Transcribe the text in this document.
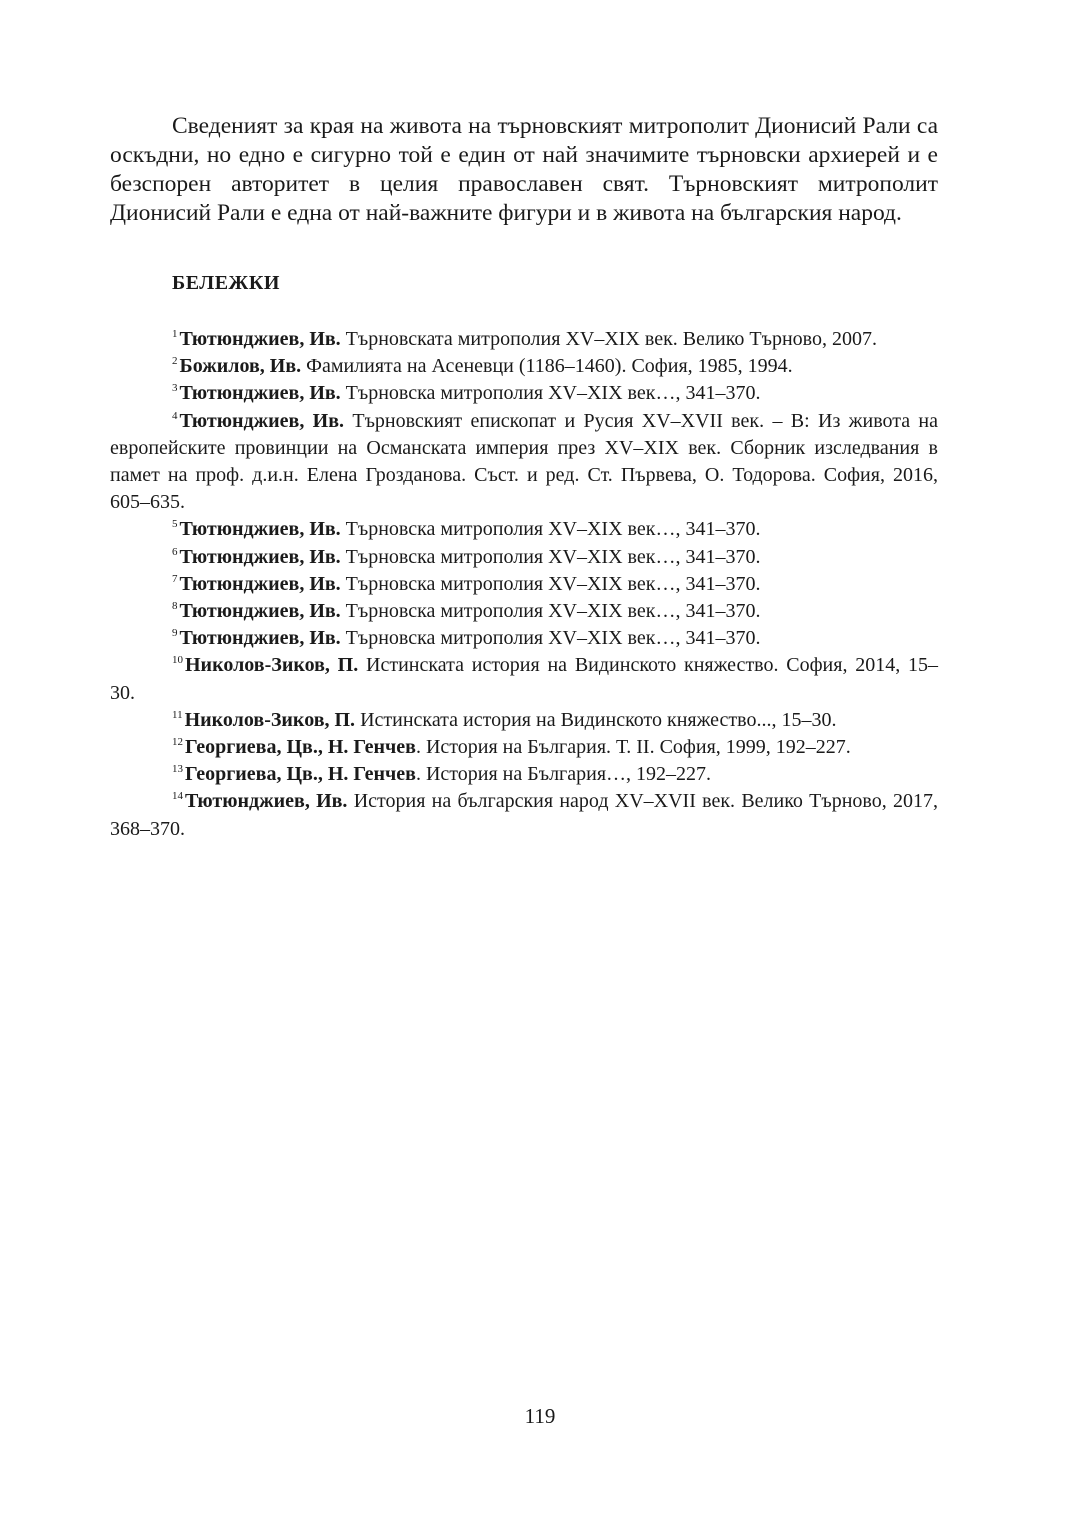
Сведеният за края на живота на търновският митрополит Дионисий Рали са оскъдни, но едно е сигурно той е един от най значимите търновски архиерей и е безспорен авторитет в целия православен свят. Търновският митрополит Дионисий Рали е една от най-важните фигури и в живота на българския народ.

БЕЛЕЖКИ

$^1$ Тютюнджиев, Ив. Търновската митрополия XV–XIX век. Велико Търново, 2007.

$^2$ Божилов, Ив. Фамилията на Асеневци (1186–1460). София, 1985, 1994.

$^3$ Тютюнджиев, Ив. Търновска митрополия XV–XIX век…, 341–370.

$^4$ Тютюнджиев, Ив. Търновският епископат и Русия XV–XVII век. – В: Из живота на европейските провинции на Османската империя през XV–XIX век. Сборник изследвания в памет на проф. д.и.н. Елена Грозданова. Съст. и ред. Ст. Първева, О. Тодорова. София, 2016, 605–635.

$^5$ Тютюнджиев, Ив. Търновска митрополия XV–XIX век…, 341–370.

$^6$ Тютюнджиев, Ив. Търновска митрополия XV–XIX век…, 341–370.

$^7$ Тютюнджиев, Ив. Търновска митрополия XV–XIX век…, 341–370.

$^8$ Тютюнджиев, Ив. Търновска митрополия XV–XIX век…, 341–370.

$^9$ Тютюнджиев, Ив. Търновска митрополия XV–XIX век…, 341–370.

$^{10}$ Николов-Зиков, П. Истинската история на Видинското княжество. София, 2014, 15–30.

$^{11}$ Николов-Зиков, П. Истинската история на Видинското княжество..., 15–30.

$^{12}$ Георгиева, Цв., Н. Генчев. История на България. Т. II. София, 1999, 192–227.

$^{13}$ Георгиева, Цв., Н. Генчев. История на България…, 192–227.

$^{14}$ Тютюнджиев, Ив. История на българския народ XV–XVII век. Велико Търново, 2017, 368–370.

119
